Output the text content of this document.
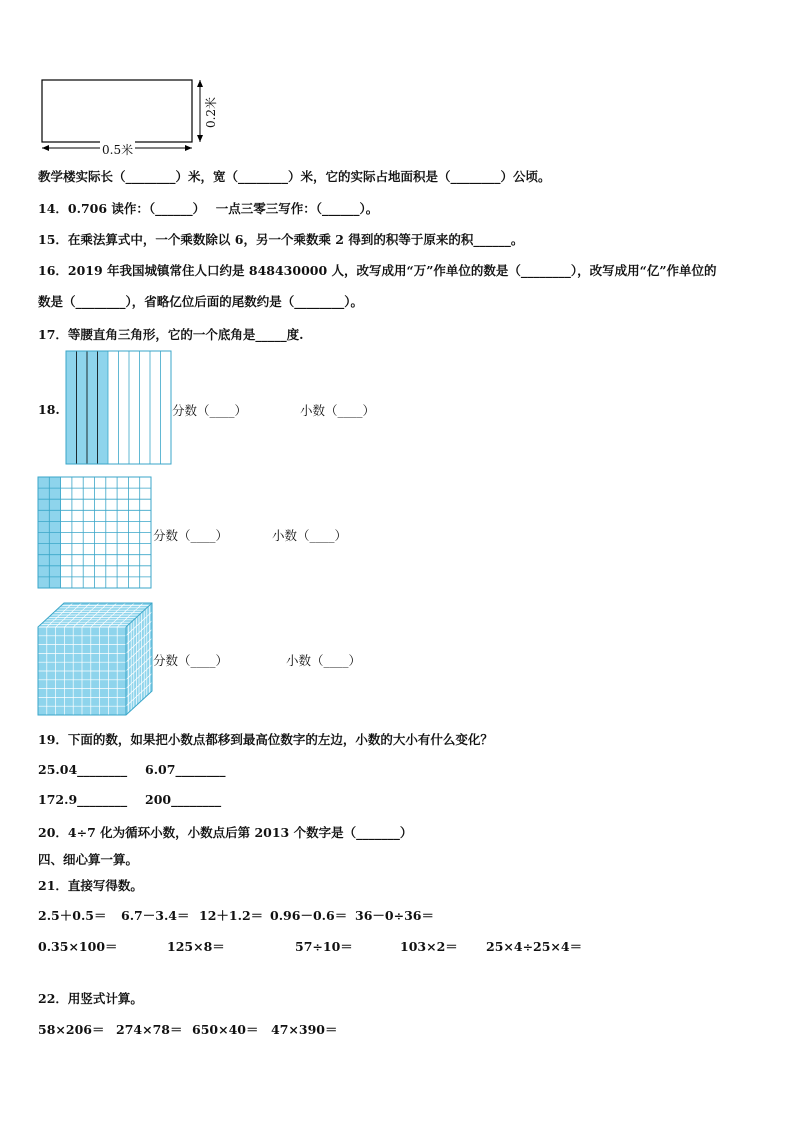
0.2米
0.5米
教学楼实际长（________）米，宽（________）米，它的实际占地面积是（________）公顷。
14．0.706 读作：（______）　 一点三零三写作：（______）。
15．在乘法算式中，一个乘数除以 6，另一个乘数乘 2 得到的积等于原来的积______。
16．2019 年我国城镇常住人口约是 848430000 人，改写成用“万”作单位的数是（________），改写成用“亿”作单位的
数是（________），省略亿位后面的尾数约是（________）。
17．等腰直角三角形，它的一个底角是_____度.
18.	分数（____）	小数（____）
分数（____）	小数（____）
分数（____）	小数（____）
19．下面的数，如果把小数点都移到最高位数字的左边，小数的大小有什么变化？
25.04________ 6.07________
172.9________ 200________
20．4÷7 化为循环小数，小数点后第 2013 个数字是（_______）
四、细心算一算。
21．直接写得数。
2.5＋0.5＝ 6.7－3.4＝ 12＋1.2＝ 0.96－0.6＝ 36－0÷36＝
0.35×100＝	125×8＝	57÷10＝	103×2＝ 25×4÷25×4＝
22．用竖式计算。
58×206＝ 274×78＝ 650×40＝ 47×390＝
